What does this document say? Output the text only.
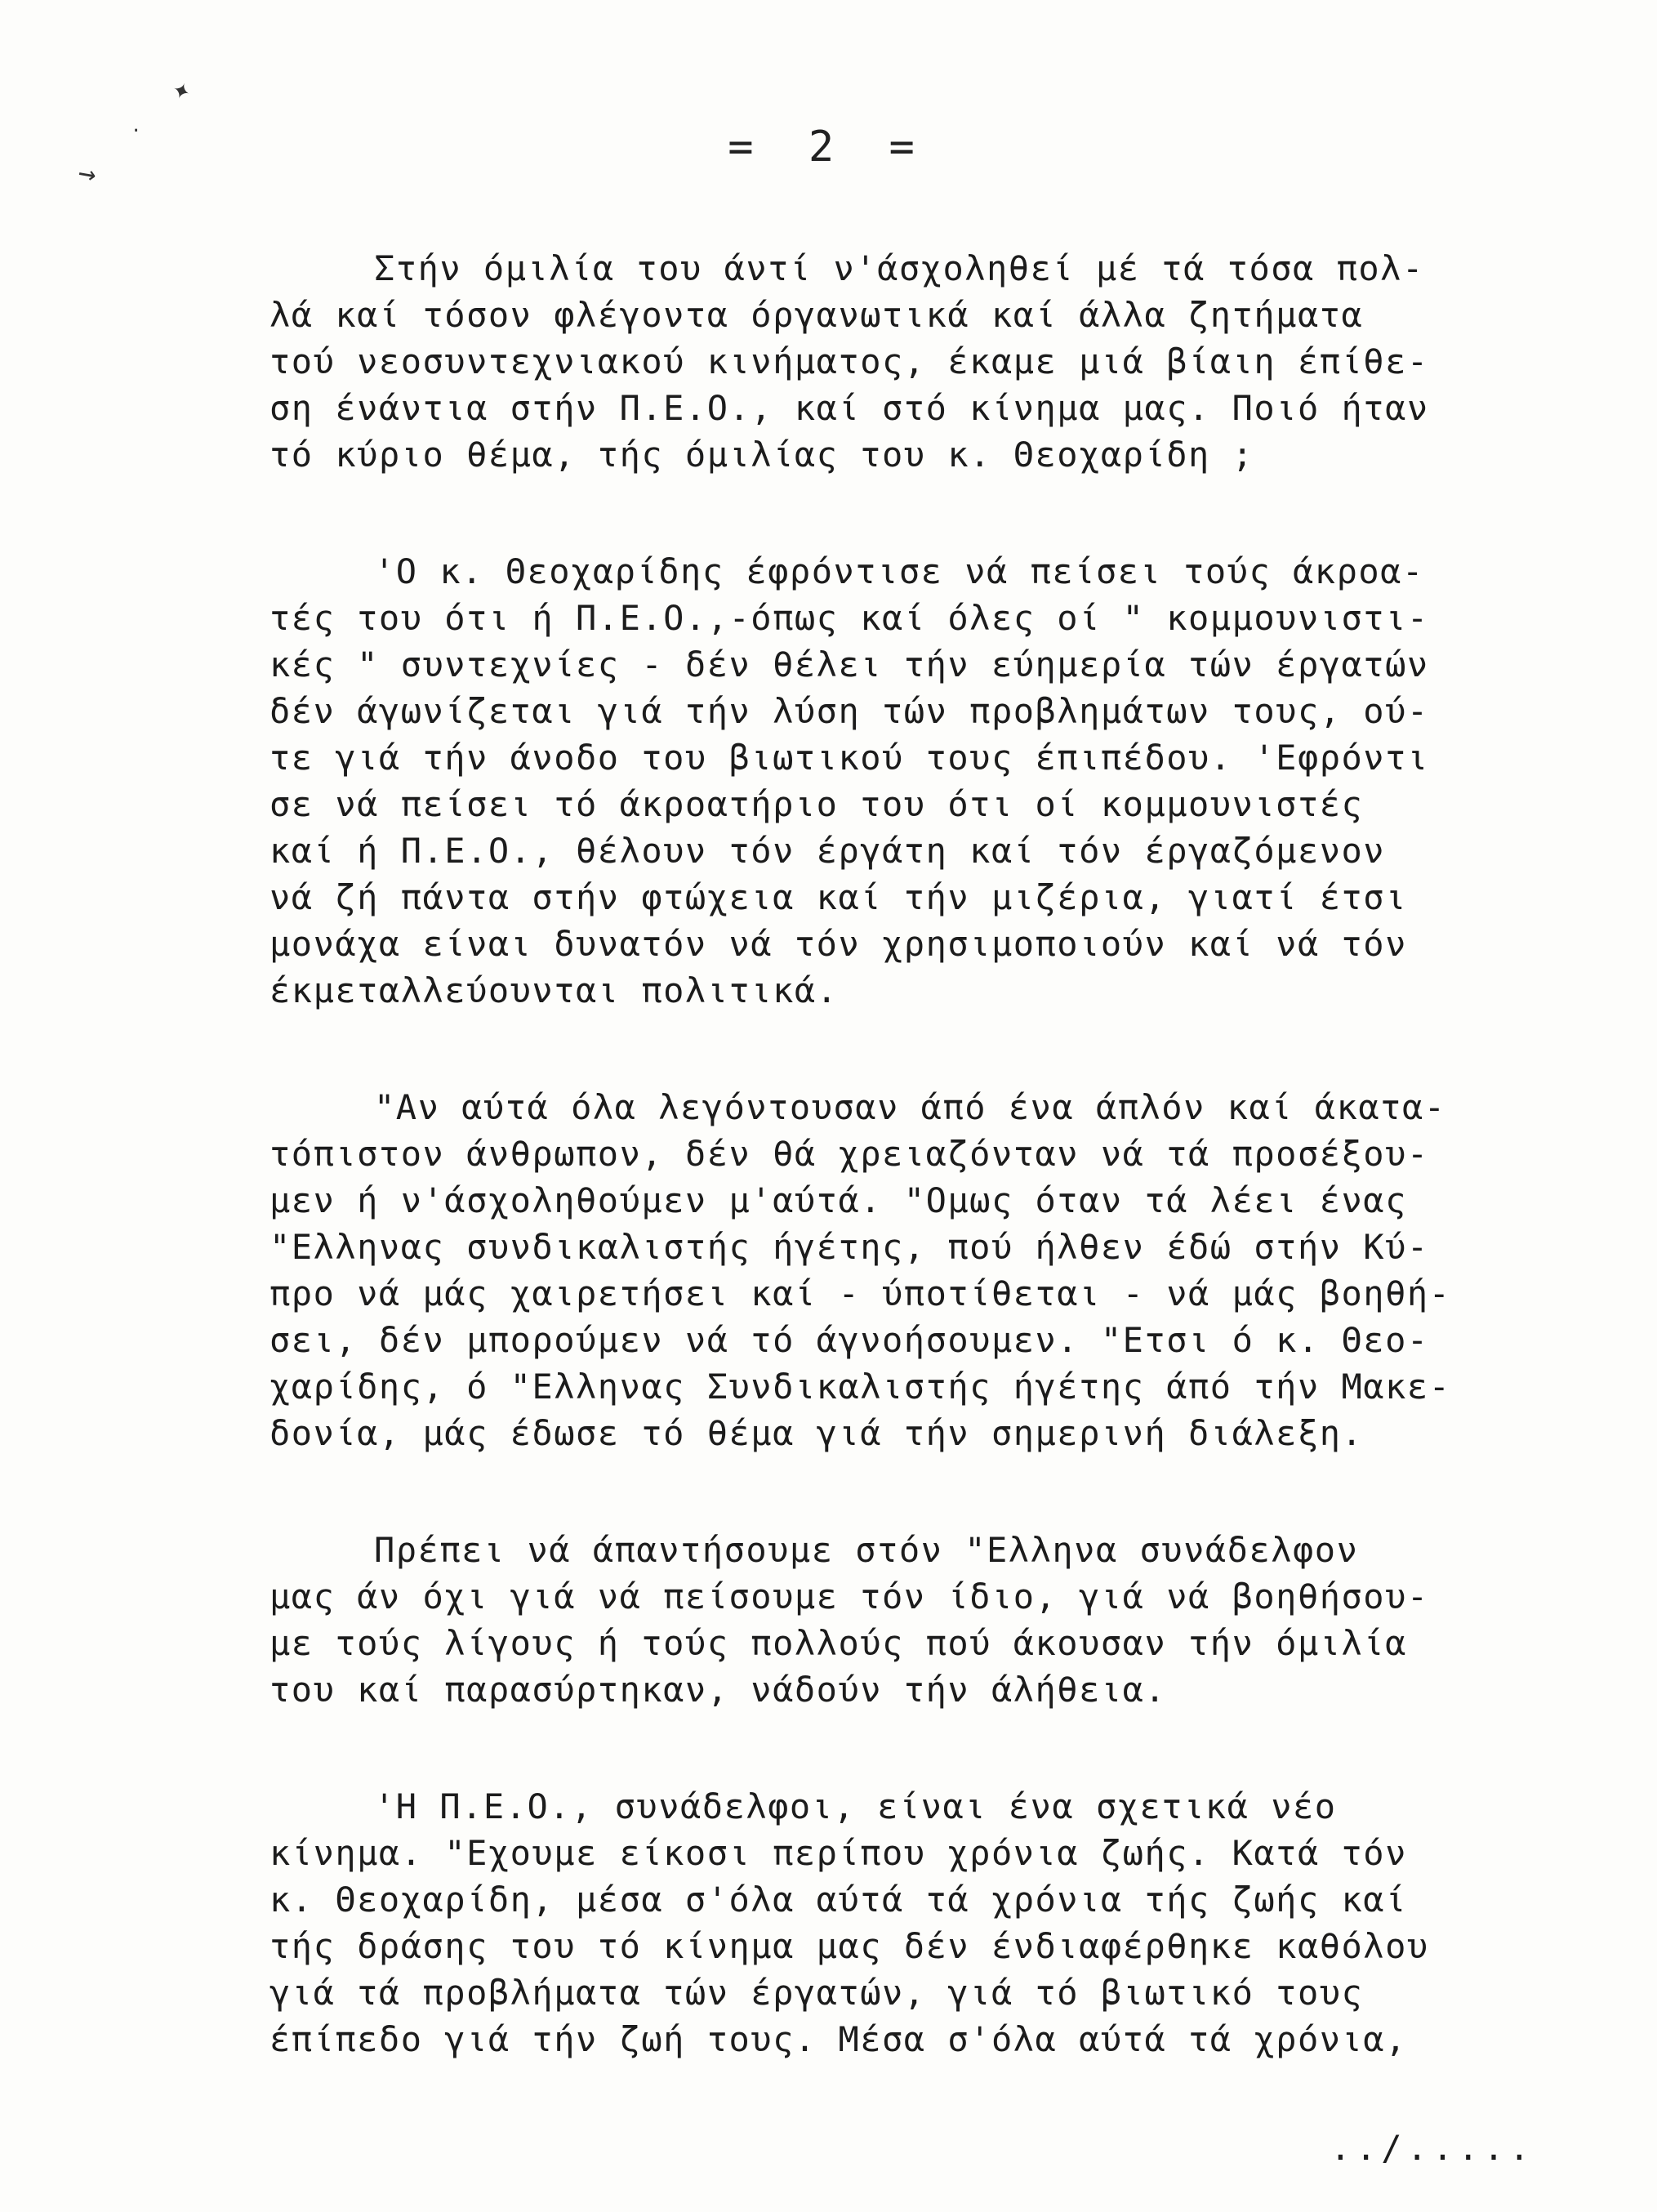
✦
·
→
= 2 =
Στήν όμιλία του άντί ν'άσχοληθεί μέ τά τόσα πολ-
λά καί τόσον φλέγοντα όργανωτικά καί άλλα ζητήματα
τού νεοσυντεχνιακού κινήματος, έκαμε μιά βίαιη έπίθε-
ση ένάντια στήν Π.Ε.Ο., καί στό κίνημα μας. Ποιό ήταν
τό κύριο θέμα, τής όμιλίας του κ. Θεοχαρίδη ;
'Ο κ. Θεοχαρίδης έφρόντισε νά πείσει τούς άκροα-
τές του ότι ή Π.Ε.Ο.,-όπως καί όλες οί " κομμουνιστι-
κές " συντεχνίες - δέν θέλει τήν εύημερία τών έργατών
δέν άγωνίζεται γιά τήν λύση τών προβλημάτων τους, ού-
τε γιά τήν άνοδο του βιωτικού τους έπιπέδου. 'Εφρόντι
σε νά πείσει τό άκροατήριο του ότι οί κομμουνιστές
καί ή Π.Ε.Ο., θέλουν τόν έργάτη καί τόν έργαζόμενον
νά ζή πάντα στήν φτώχεια καί τήν μιζέρια, γιατί έτσι
μονάχα είναι δυνατόν νά τόν χρησιμοποιούν καί νά τόν
έκμεταλλεύουνται πολιτικά.
"Αν αύτά όλα λεγόντουσαν άπό ένα άπλόν καί άκατα-
τόπιστον άνθρωπον, δέν θά χρειαζόνταν νά τά προσέξου-
μεν ή ν'άσχοληθούμεν μ'αύτά. "Ομως όταν τά λέει ένας
"Ελληνας συνδικαλιστής ήγέτης, πού ήλθεν έδώ στήν Κύ-
προ νά μάς χαιρετήσει καί - ύποτίθεται - νά μάς βοηθή-
σει, δέν μπορούμεν νά τό άγνοήσουμεν. "Ετσι ό κ. Θεο-
χαρίδης, ό "Ελληνας Συνδικαλιστής ήγέτης άπό τήν Μακε-
δονία, μάς έδωσε τό θέμα γιά τήν σημερινή διάλεξη.
Πρέπει νά άπαντήσουμε στόν "Ελληνα συνάδελφον
μας άν όχι γιά νά πείσουμε τόν ίδιο, γιά νά βοηθήσου-
με τούς λίγους ή τούς πολλούς πού άκουσαν τήν όμιλία
του καί παρασύρτηκαν, νάδούν τήν άλήθεια.
'Η Π.Ε.Ο., συνάδελφοι, είναι ένα σχετικά νέο
κίνημα. "Εχουμε είκοσι περίπου χρόνια ζωής. Κατά τόν
κ. Θεοχαρίδη, μέσα σ'όλα αύτά τά χρόνια τής ζωής καί
τής δράσης του τό κίνημα μας δέν ένδιαφέρθηκε καθόλου
γιά τά προβλήματα τών έργατών, γιά τό βιωτικό τους
έπίπεδο γιά τήν ζωή τους. Μέσα σ'όλα αύτά τά χρόνια,
../.....
